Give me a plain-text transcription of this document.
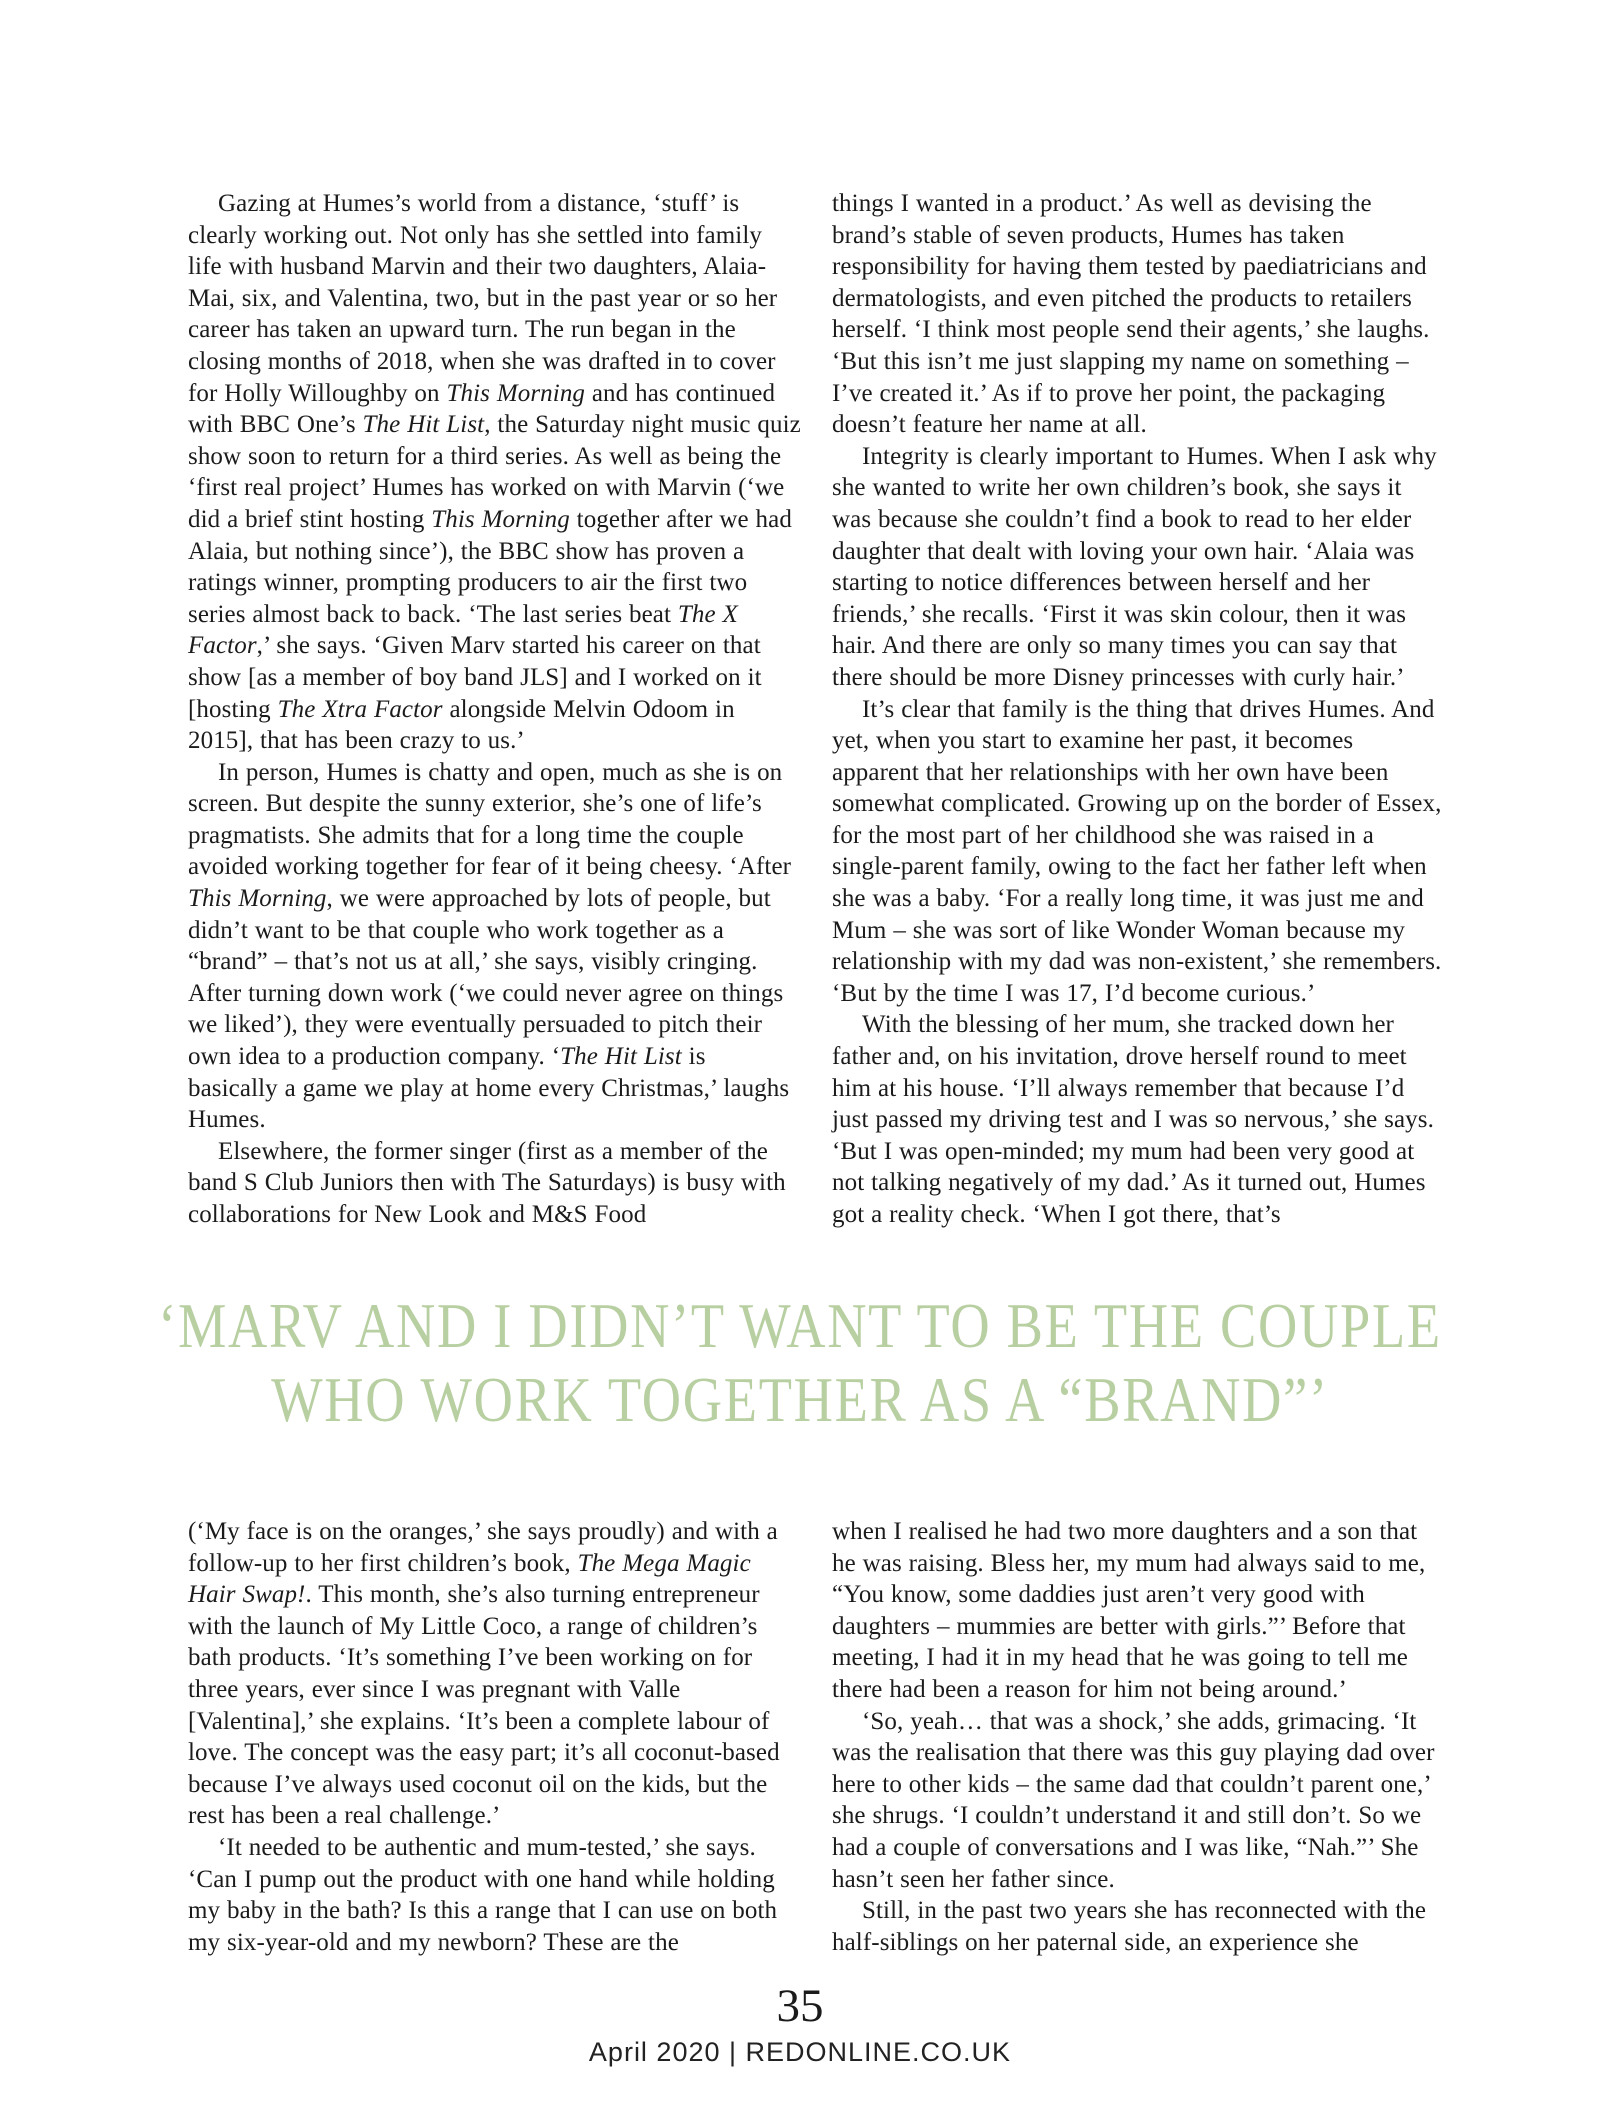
Gazing at Humes’s world from a distance, ‘stuff’ is clearly working out. Not only has she settled into family life with husband Marvin and their two daughters, Alaia-Mai, six, and Valentina, two, but in the past year or so her career has taken an upward turn. The run began in the closing months of 2018, when she was drafted in to cover for Holly Willoughby on This Morning and has continued with BBC One’s The Hit List, the Saturday night music quiz show soon to return for a third series. As well as being the ‘first real project’ Humes has worked on with Marvin (‘we did a brief stint hosting This Morning together after we had Alaia, but nothing since’), the BBC show has proven a ratings winner, prompting producers to air the first two series almost back to back. ‘The last series beat The X Factor,’ she says. ‘Given Marv started his career on that show [as a member of boy band JLS] and I worked on it [hosting The Xtra Factor alongside Melvin Odoom in 2015], that has been crazy to us.’

In person, Humes is chatty and open, much as she is on screen. But despite the sunny exterior, she’s one of life’s pragmatists. She admits that for a long time the couple avoided working together for fear of it being cheesy. ‘After This Morning, we were approached by lots of people, but didn’t want to be that couple who work together as a “brand” – that’s not us at all,’ she says, visibly cringing. After turning down work (‘we could never agree on things we liked’), they were eventually persuaded to pitch their own idea to a production company. ‘The Hit List is basically a game we play at home every Christmas,’ laughs Humes.

Elsewhere, the former singer (first as a member of the band S Club Juniors then with The Saturdays) is busy with collaborations for New Look and M&S Food

things I wanted in a product.’ As well as devising the brand’s stable of seven products, Humes has taken responsibility for having them tested by paediatricians and dermatologists, and even pitched the products to retailers herself. ‘I think most people send their agents,’ she laughs. ‘But this isn’t me just slapping my name on something – I’ve created it.’ As if to prove her point, the packaging doesn’t feature her name at all.

Integrity is clearly important to Humes. When I ask why she wanted to write her own children’s book, she says it was because she couldn’t find a book to read to her elder daughter that dealt with loving your own hair. ‘Alaia was starting to notice differences between herself and her friends,’ she recalls. ‘First it was skin colour, then it was hair. And there are only so many times you can say that there should be more Disney princesses with curly hair.’

It’s clear that family is the thing that drives Humes. And yet, when you start to examine her past, it becomes apparent that her relationships with her own have been somewhat complicated. Growing up on the border of Essex, for the most part of her childhood she was raised in a single-parent family, owing to the fact her father left when she was a baby. ‘For a really long time, it was just me and Mum – she was sort of like Wonder Woman because my relationship with my dad was non-existent,’ she remembers. ‘But by the time I was 17, I’d become curious.’

With the blessing of her mum, she tracked down her father and, on his invitation, drove herself round to meet him at his house. ‘I’ll always remember that because I’d just passed my driving test and I was so nervous,’ she says. ‘But I was open-minded; my mum had been very good at not talking negatively of my dad.’ As it turned out, Humes got a reality check. ‘When I got there, that’s

‘MARV AND I DIDN’T WANT TO BE THE COUPLE
WHO WORK TOGETHER AS A “BRAND”’

(‘My face is on the oranges,’ she says proudly) and with a follow-up to her first children’s book, The Mega Magic Hair Swap!. This month, she’s also turning entrepreneur with the launch of My Little Coco, a range of children’s bath products. ‘It’s something I’ve been working on for three years, ever since I was pregnant with Valle [Valentina],’ she explains. ‘It’s been a complete labour of love. The concept was the easy part; it’s all coconut-based because I’ve always used coconut oil on the kids, but the rest has been a real challenge.’

‘It needed to be authentic and mum-tested,’ she says. ‘Can I pump out the product with one hand while holding my baby in the bath? Is this a range that I can use on both my six-year-old and my newborn? These are the

when I realised he had two more daughters and a son that he was raising. Bless her, my mum had always said to me, “You know, some daddies just aren’t very good with daughters – mummies are better with girls.”’ Before that meeting, I had it in my head that he was going to tell me there had been a reason for him not being around.’

‘So, yeah… that was a shock,’ she adds, grimacing. ‘It was the realisation that there was this guy playing dad over here to other kids – the same dad that couldn’t parent one,’ she shrugs. ‘I couldn’t understand it and still don’t. So we had a couple of conversations and I was like, “Nah.”’ She hasn’t seen her father since.

Still, in the past two years she has reconnected with the half-siblings on her paternal side, an experience she

35
April 2020 | REDONLINE.CO.UK
